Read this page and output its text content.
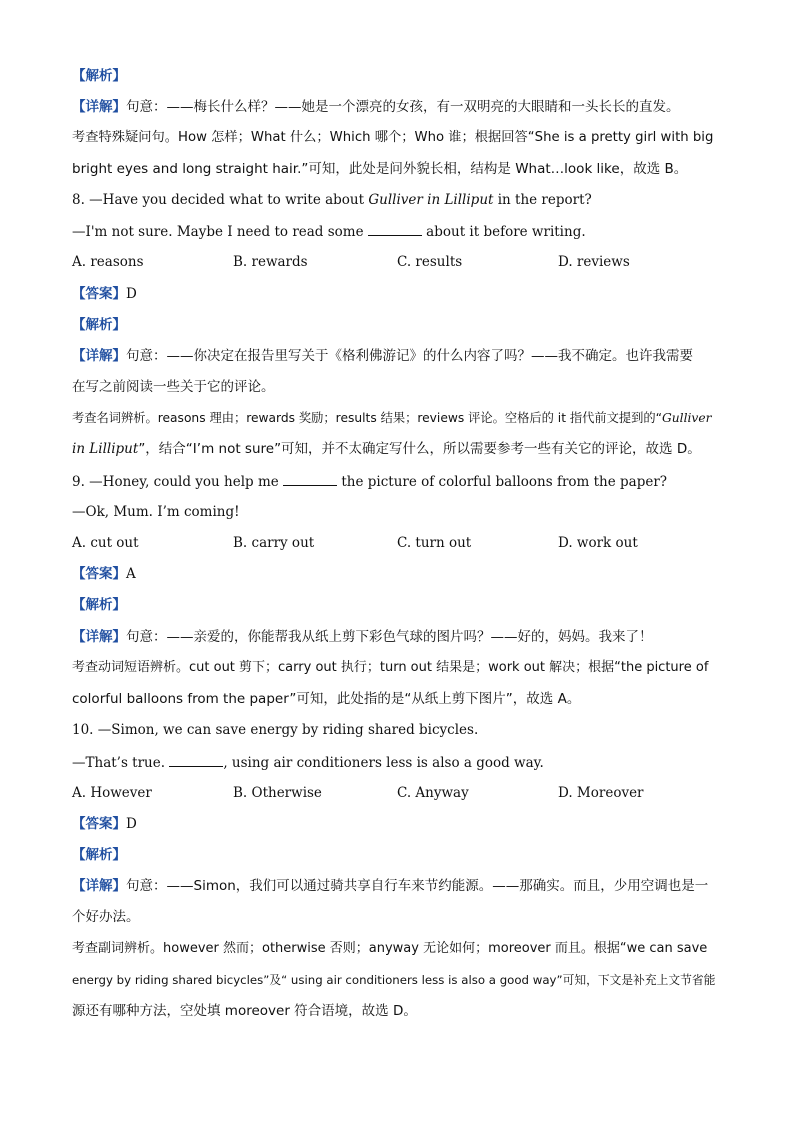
【解析】
【详解】句意：——梅长什么样？——她是一个漂亮的女孩，有一双明亮的大眼睛和一头长长的直发。
考查特殊疑问句。How 怎样；What 什么；Which 哪个；Who 谁；根据回答“She is a pretty girl with big
bright eyes and long straight hair.”可知，此处是问外貌长相，结构是 What…look like，故选 B。
8. —Have you decided what to write about Gulliver in Lilliput in the report?
—I'm not sure. Maybe I need to read some	about it before writing.
A. reasons	B. rewards	C. results	D. reviews
【答案】D
【解析】
【详解】句意：——你决定在报告里写关于《格利佛游记》的什么内容了吗？——我不确定。也许我需要
在写之前阅读一些关于它的评论。
考查名词辨析。reasons 理由；rewards 奖励；results 结果；reviews 评论。空格后的 it 指代前文提到的“Gulliver
in Lilliput”，结合“I’m not sure”可知，并不太确定写什么，所以需要参考一些有关它的评论，故选 D。
9. —Honey, could you help me	the picture of colorful balloons from the paper?
—Ok, Mum. I’m coming!
A. cut out	B. carry out	C. turn out	D. work out
【答案】A
【解析】
【详解】句意：——亲爱的，你能帮我从纸上剪下彩色气球的图片吗？——好的，妈妈。我来了！
考查动词短语辨析。cut out 剪下；carry out 执行；turn out 结果是；work out 解决；根据“the picture of
colorful balloons from the paper”可知，此处指的是“从纸上剪下图片”，故选 A。
10. —Simon, we can save energy by riding shared bicycles.
—That’s true.	, using air conditioners less is also a good way.
A. However	B. Otherwise	C. Anyway	D. Moreover
【答案】D
【解析】
【详解】句意：——Simon，我们可以通过骑共享自行车来节约能源。——那确实。而且，少用空调也是一
个好办法。
考查副词辨析。however 然而；otherwise 否则；anyway 无论如何；moreover 而且。根据“we can save
energy by riding shared bicycles”及“ using air conditioners less is also a good way”可知，下文是补充上文节省能
源还有哪种方法，空处填 moreover 符合语境，故选 D。
